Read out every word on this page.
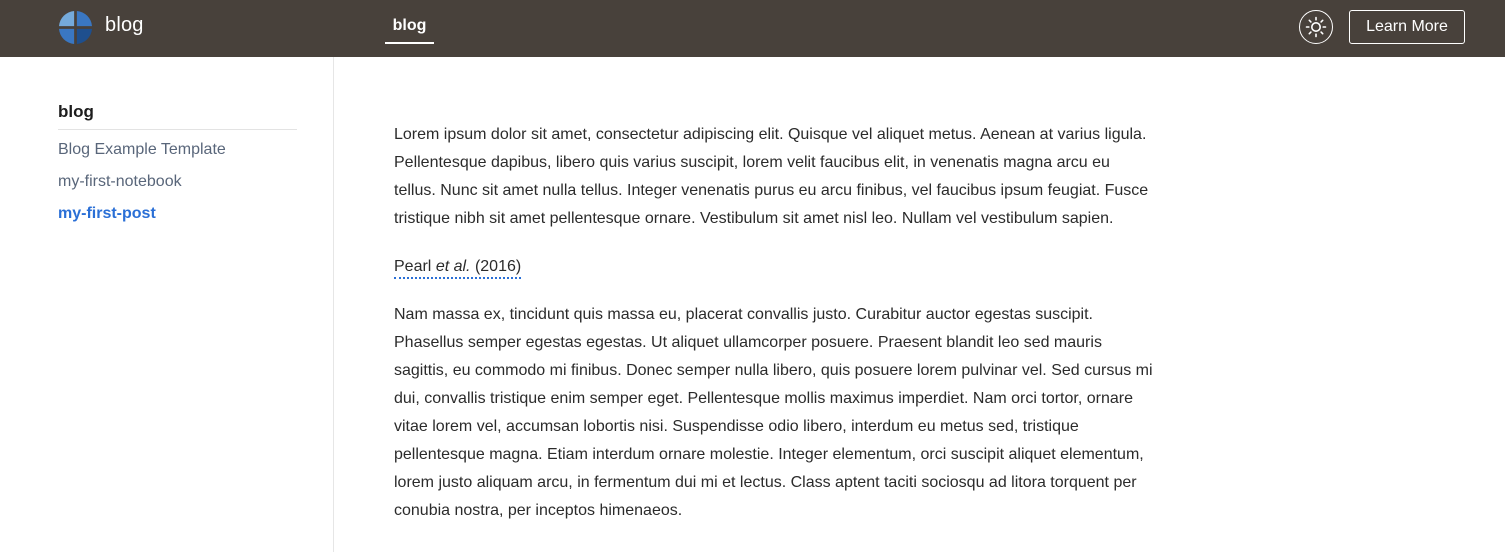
blog	blog	Learn More
blog
Blog Example Template
my-first-notebook
my-first-post

Lorem ipsum dolor sit amet, consectetur adipiscing elit. Quisque vel aliquet metus. Aenean at varius ligula. Pellentesque dapibus, libero quis varius suscipit, lorem velit faucibus elit, in venenatis magna arcu eu tellus. Nunc sit amet nulla tellus. Integer venenatis purus eu arcu finibus, vel faucibus ipsum feugiat. Fusce tristique nibh sit amet pellentesque ornare. Vestibulum sit amet nisl leo. Nullam vel vestibulum sapien.

Pearl et al. (2016)

Nam massa ex, tincidunt quis massa eu, placerat convallis justo. Curabitur auctor egestas suscipit. Phasellus semper egestas egestas. Ut aliquet ullamcorper posuere. Praesent blandit leo sed mauris sagittis, eu commodo mi finibus. Donec semper nulla libero, quis posuere lorem pulvinar vel. Sed cursus mi dui, convallis tristique enim semper eget. Pellentesque mollis maximus imperdiet. Nam orci tortor, ornare vitae lorem vel, accumsan lobortis nisi. Suspendisse odio libero, interdum eu metus sed, tristique pellentesque magna. Etiam interdum ornare molestie. Integer elementum, orci suscipit aliquet elementum, lorem justo aliquam arcu, in fermentum dui mi et lectus. Class aptent taciti sociosqu ad litora torquent per conubia nostra, per inceptos himenaeos.
